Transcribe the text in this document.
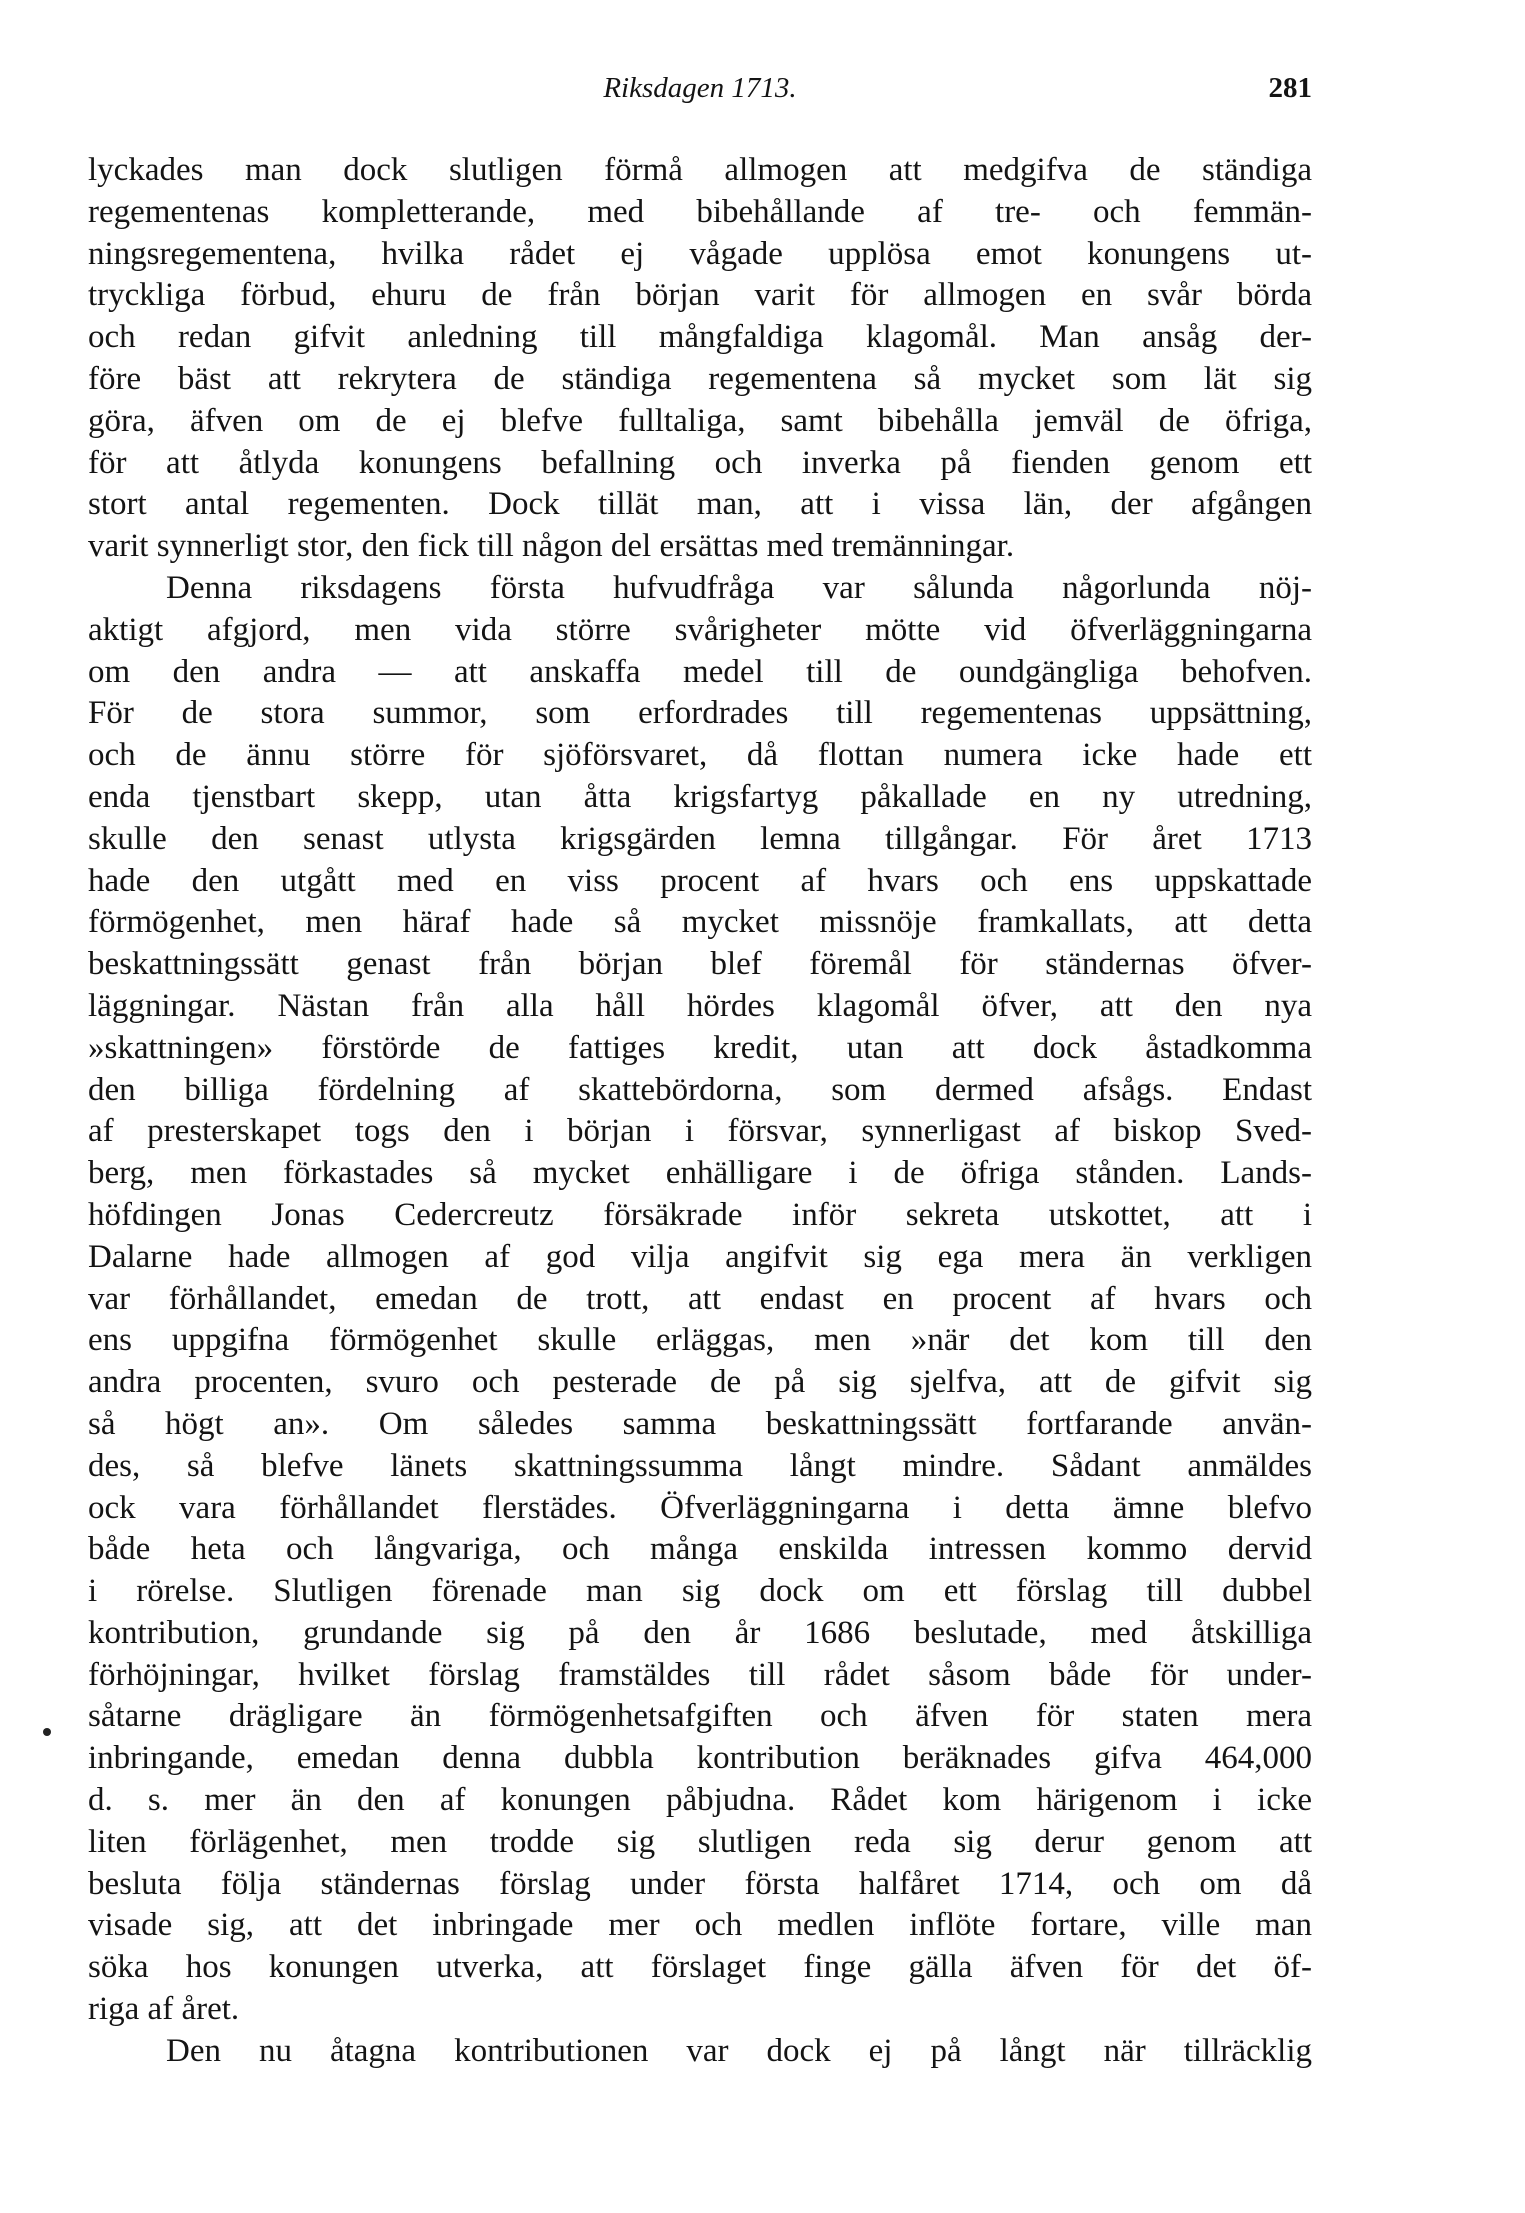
Riksdagen 1713.	281
lyckades man dock slutligen förmå allmogen att medgifva de ständiga
regementenas kompletterande, med bibehållande af tre- och femmän-
ningsregementena, hvilka rådet ej vågade upplösa emot konungens ut-
tryckliga förbud, ehuru de från början varit för allmogen en svår börda
och redan gifvit anledning till mångfaldiga klagomål. Man ansåg der-
före bäst att rekrytera de ständiga regementena så mycket som lät sig
göra, äfven om de ej blefve fulltaliga, samt bibehålla jemväl de öfriga,
för att åtlyda konungens befallning och inverka på fienden genom ett
stort antal regementen. Dock tillät man, att i vissa län, der afgången
varit synnerligt stor, den fick till någon del ersättas med tremänningar.
Denna riksdagens första hufvudfråga var sålunda någorlunda nöj-
aktigt afgjord, men vida större svårigheter mötte vid öfverläggningarna
om den andra — att anskaffa medel till de oundgängliga behofven.
För de stora summor, som erfordrades till regementenas uppsättning,
och de ännu större för sjöförsvaret, då flottan numera icke hade ett
enda tjenstbart skepp, utan åtta krigsfartyg påkallade en ny utredning,
skulle den senast utlysta krigsgärden lemna tillgångar. För året 1713
hade den utgått med en viss procent af hvars och ens uppskattade
förmögenhet, men häraf hade så mycket missnöje framkallats, att detta
beskattningssätt genast från början blef föremål för ständernas öfver-
läggningar. Nästan från alla håll hördes klagomål öfver, att den nya
»skattningen» förstörde de fattiges kredit, utan att dock åstadkomma
den billiga fördelning af skattebördorna, som dermed afsågs. Endast
af presterskapet togs den i början i försvar, synnerligast af biskop Sved-
berg, men förkastades så mycket enhälligare i de öfriga stånden. Lands-
höfdingen Jonas Cedercreutz försäkrade inför sekreta utskottet, att i
Dalarne hade allmogen af god vilja angifvit sig ega mera än verkligen
var förhållandet, emedan de trott, att endast en procent af hvars och
ens uppgifna förmögenhet skulle erläggas, men »när det kom till den
andra procenten, svuro och pesterade de på sig sjelfva, att de gifvit sig
så högt an». Om således samma beskattningssätt fortfarande använ-
des, så blefve länets skattningssumma långt mindre. Sådant anmäldes
ock vara förhållandet flerstädes. Öfverläggningarna i detta ämne blefvo
både heta och långvariga, och många enskilda intressen kommo dervid
i rörelse. Slutligen förenade man sig dock om ett förslag till dubbel
kontribution, grundande sig på den år 1686 beslutade, med åtskilliga
förhöjningar, hvilket förslag framstäldes till rådet såsom både för under-
såtarne drägligare än förmögenhetsafgiften och äfven för staten mera
inbringande, emedan denna dubbla kontribution beräknades gifva 464,000
d. s. mer än den af konungen påbjudna. Rådet kom härigenom i icke
liten förlägenhet, men trodde sig slutligen reda sig derur genom att
besluta följa ständernas förslag under första halfåret 1714, och om då
visade sig, att det inbringade mer och medlen inflöte fortare, ville man
söka hos konungen utverka, att förslaget finge gälla äfven för det öf-
riga af året.
Den nu åtagna kontributionen var dock ej på långt när tillräcklig
